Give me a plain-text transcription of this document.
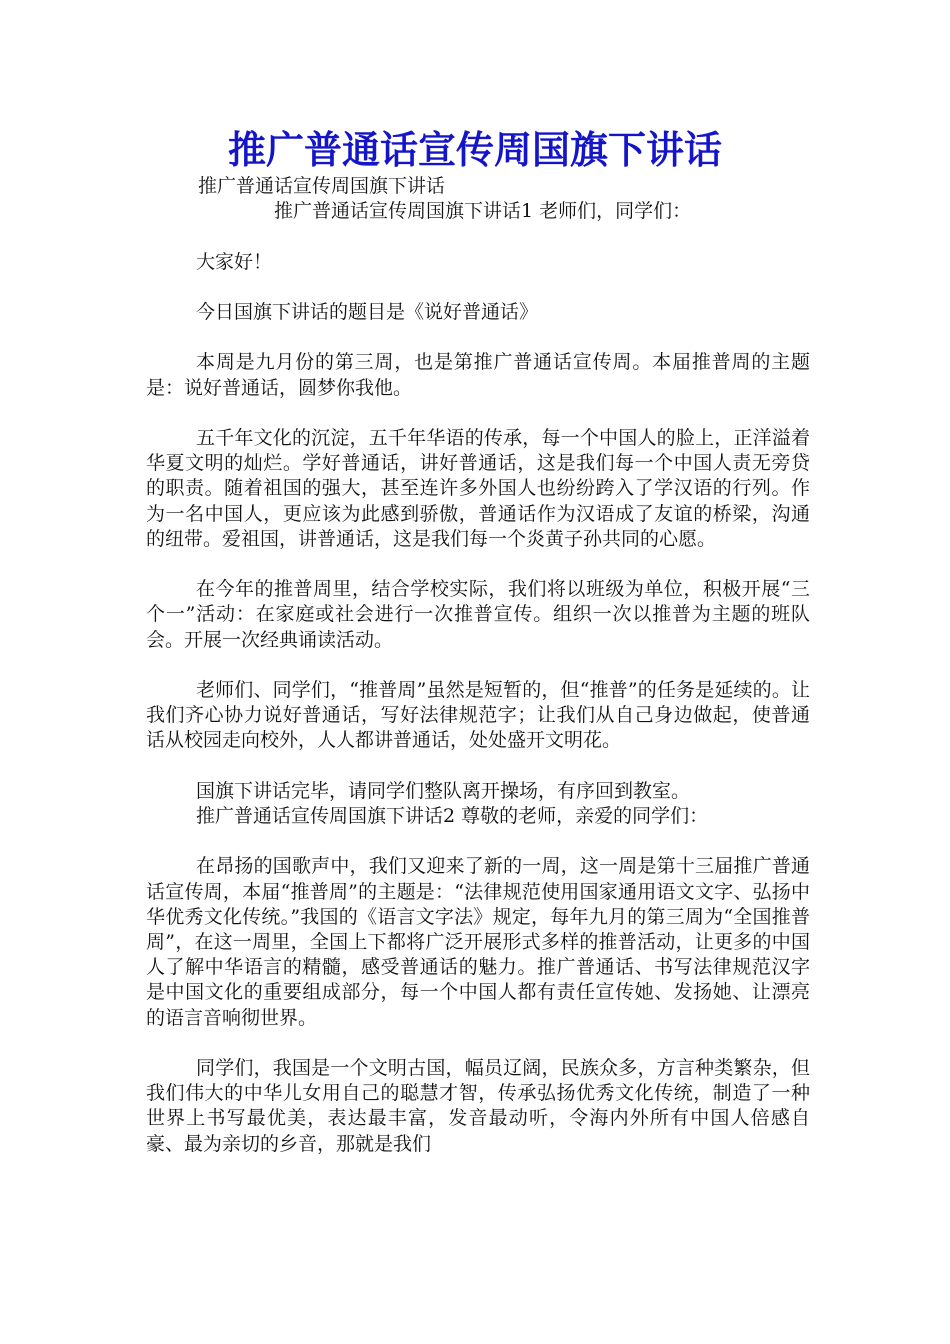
推广普通话宣传周国旗下讲话

推广普通话宣传周国旗下讲话

推广普通话宣传周国旗下讲话1 老师们，同学们：

大家好！

今日国旗下讲话的题目是《说好普通话》

本周是九月份的第三周，也是第推广普通话宣传周。本届推普周的主题是：说好普通话，圆梦你我他。

五千年文化的沉淀，五千年华语的传承，每一个中国人的脸上，正洋溢着华夏文明的灿烂。学好普通话，讲好普通话，这是我们每一个中国人责无旁贷的职责。随着祖国的强大，甚至连许多外国人也纷纷跨入了学汉语的行列。作为一名中国人，更应该为此感到骄傲，普通话作为汉语成了友谊的桥梁，沟通的纽带。爱祖国，讲普通话，这是我们每一个炎黄子孙共同的心愿。

在今年的推普周里，结合学校实际，我们将以班级为单位，积极开展“三个一”活动：在家庭或社会进行一次推普宣传。组织一次以推普为主题的班队会。开展一次经典诵读活动。

老师们、同学们，“推普周”虽然是短暂的，但“推普”的任务是延续的。让我们齐心协力说好普通话，写好法律规范字；让我们从自己身边做起，使普通话从校园走向校外，人人都讲普通话，处处盛开文明花。

国旗下讲话完毕，请同学们整队离开操场，有序回到教室。

推广普通话宣传周国旗下讲话2 尊敬的老师，亲爱的同学们：

在昂扬的国歌声中，我们又迎来了新的一周，这一周是第十三届推广普通话宣传周，本届“推普周”的主题是：“法律规范使用国家通用语文文字、弘扬中华优秀文化传统。”我国的《语言文字法》规定，每年九月的第三周为“全国推普周”，在这一周里，全国上下都将广泛开展形式多样的推普活动，让更多的中国人了解中华语言的精髓，感受普通话的魅力。推广普通话、书写法律规范汉字是中国文化的重要组成部分，每一个中国人都有责任宣传她、发扬她、让漂亮的语言音响彻世界。

同学们，我国是一个文明古国，幅员辽阔，民族众多，方言种类繁杂，但我们伟大的中华儿女用自己的聪慧才智，传承弘扬优秀文化传统，制造了一种世界上书写最优美，表达最丰富，发音最动听，令海内外所有中国人倍感自豪、最为亲切的乡音，那就是我们
